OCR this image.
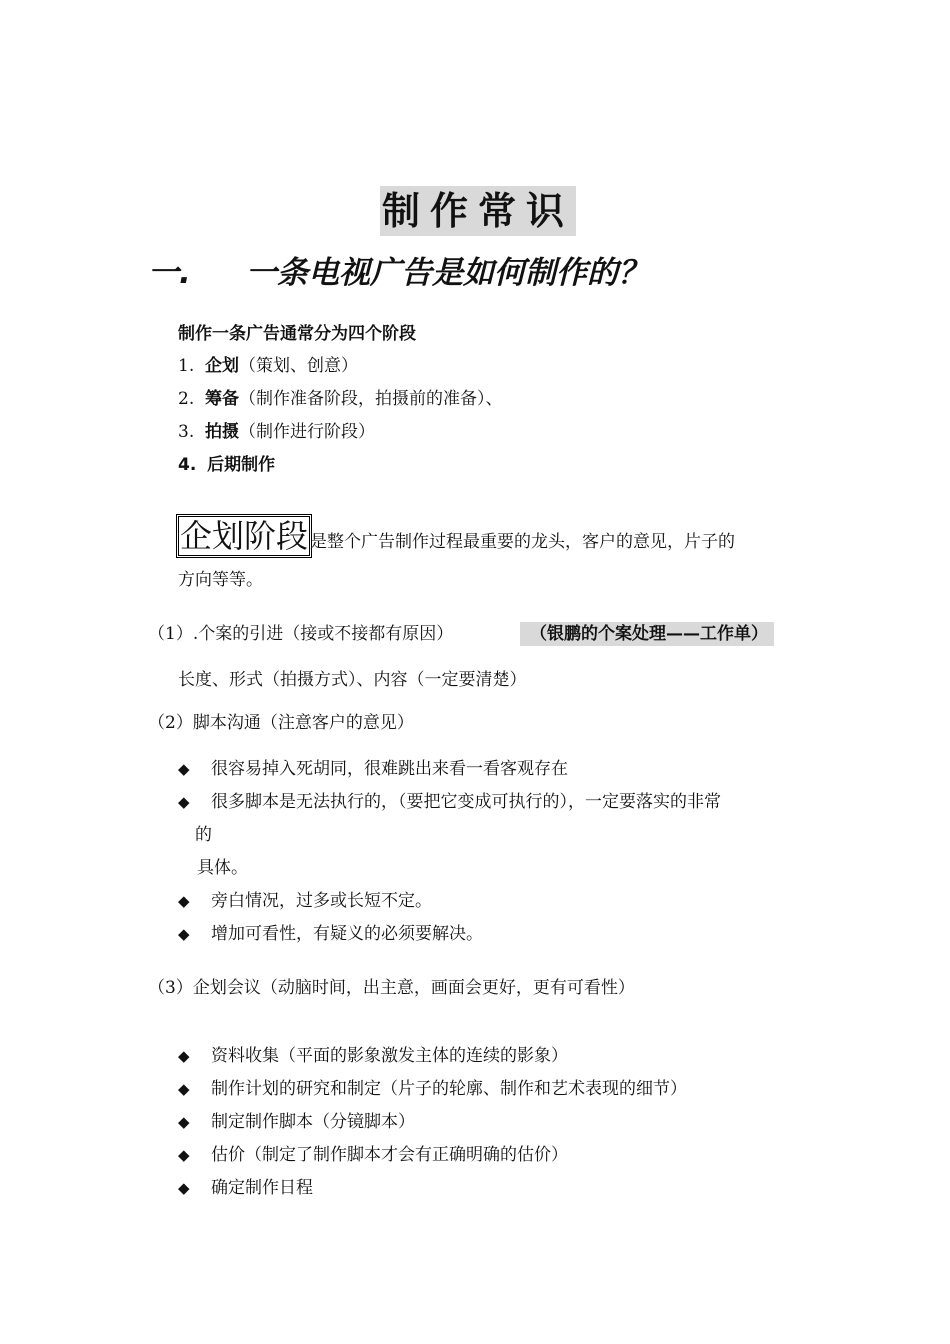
制作常识
一. 一条电视广告是如何制作的？
制作一条广告通常分为四个阶段
1. 企划（策划、创意）
2. 筹备（制作准备阶段，拍摄前的准备）、
3. 拍摄（制作进行阶段）
4. 后期制作
企划阶段 是整个广告制作过程最重要的龙头，客户的意见，片子的
方向等等。
（1）.个案的引进（接或不接都有原因）	（银鹏的个案处理——工作单）
长度、形式（拍摄方式）、内容（一定要清楚）
（2）脚本沟通（注意客户的意见）
◆ 很容易掉入死胡同，很难跳出来看一看客观存在
◆ 很多脚本是无法执行的，（要把它变成可执行的），一定要落实的非常
的
具体。
◆ 旁白情况，过多或长短不定。
◆ 增加可看性，有疑义的必须要解决。
（3）企划会议（动脑时间，出主意，画面会更好，更有可看性）
◆ 资料收集（平面的影象激发主体的连续的影象）
◆ 制作计划的研究和制定（片子的轮廓、制作和艺术表现的细节）
◆ 制定制作脚本（分镜脚本）
◆ 估价（制定了制作脚本才会有正确明确的估价）
◆ 确定制作日程
